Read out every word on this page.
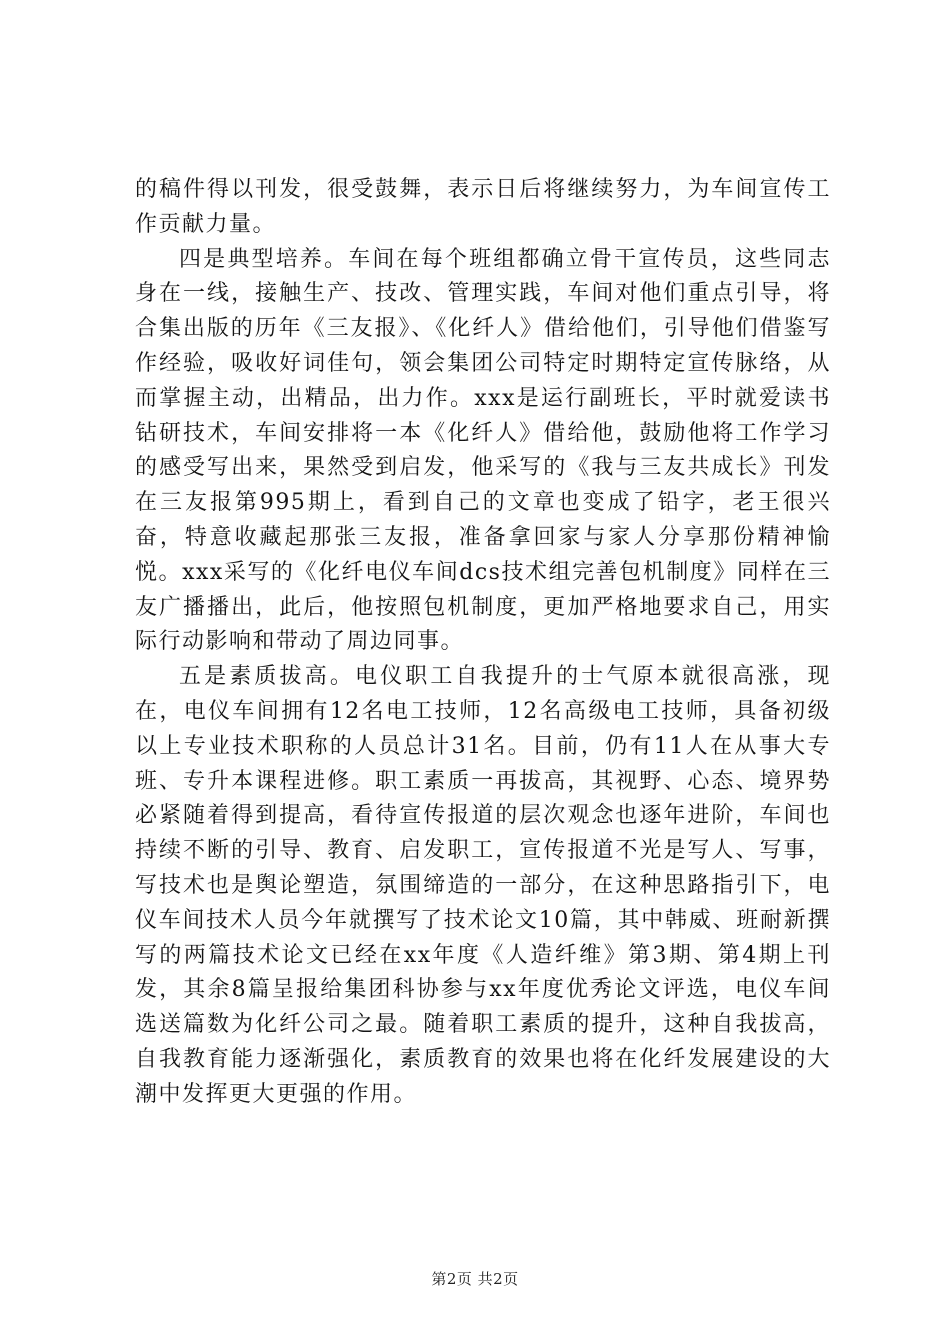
的稿件得以刊发，很受鼓舞，表示日后将继续努力，为车间宣传工作贡献力量。

四是典型培养。车间在每个班组都确立骨干宣传员，这些同志身在一线，接触生产、技改、管理实践，车间对他们重点引导，将合集出版的历年《三友报》、《化纤人》借给他们，引导他们借鉴写作经验，吸收好词佳句，领会集团公司特定时期特定宣传脉络，从而掌握主动，出精品，出力作。xxx是运行副班长，平时就爱读书钻研技术，车间安排将一本《化纤人》借给他，鼓励他将工作学习的感受写出来，果然受到启发，他采写的《我与三友共成长》刊发在三友报第995期上，看到自己的文章也变成了铅字，老王很兴奋，特意收藏起那张三友报，准备拿回家与家人分享那份精神愉悦。xxx采写的《化纤电仪车间dcs技术组完善包机制度》同样在三友广播播出，此后，他按照包机制度，更加严格地要求自己，用实际行动影响和带动了周边同事。

五是素质拔高。电仪职工自我提升的士气原本就很高涨，现在，电仪车间拥有12名电工技师，12名高级电工技师，具备初级以上专业技术职称的人员总计31名。目前，仍有11人在从事大专班、专升本课程进修。职工素质一再拔高，其视野、心态、境界势必紧随着得到提高，看待宣传报道的层次观念也逐年进阶，车间也持续不断的引导、教育、启发职工，宣传报道不光是写人、写事，写技术也是舆论塑造，氛围缔造的一部分，在这种思路指引下，电仪车间技术人员今年就撰写了技术论文10篇，其中韩威、班耐新撰写的两篇技术论文已经在xx年度《人造纤维》第3期、第4期上刊发，其余8篇呈报给集团科协参与xx年度优秀论文评选，电仪车间选送篇数为化纤公司之最。随着职工素质的提升，这种自我拔高，自我教育能力逐渐强化，素质教育的效果也将在化纤发展建设的大潮中发挥更大更强的作用。

第2页 共2页
